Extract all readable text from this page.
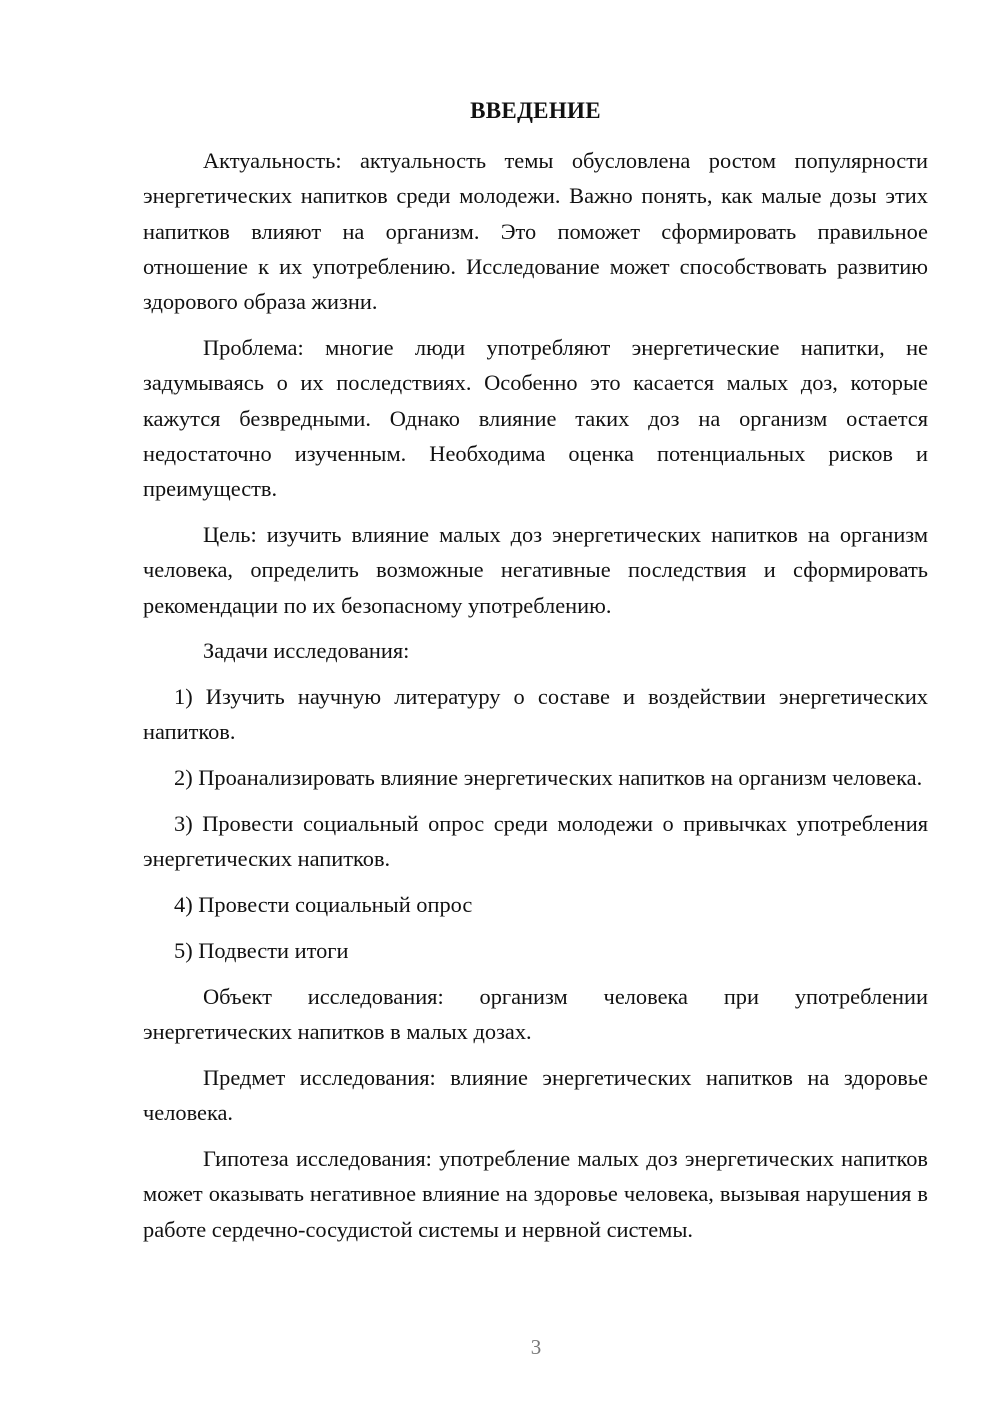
ВВЕДЕНИЕ

Актуальность: актуальность темы обусловлена ростом популярности энергетических напитков среди молодежи. Важно понять, как малые дозы этих напитков влияют на организм. Это поможет сформировать правильное отношение к их употреблению. Исследование может способствовать развитию здорового образа жизни.

Проблема: многие люди употребляют энергетические напитки, не задумываясь о их последствиях. Особенно это касается малых доз, которые кажутся безвредными. Однако влияние таких доз на организм остается недостаточно изученным. Необходима оценка потенциальных рисков и преимуществ.

Цель: изучить влияние малых доз энергетических напитков на организм человека, определить возможные негативные последствия и сформировать рекомендации по их безопасному употреблению.

Задачи исследования:

1) Изучить научную литературу о составе и воздействии энергетических напитков.

2) Проанализировать влияние энергетических напитков на организм человека.

3) Провести социальный опрос среди молодежи о привычках употребления энергетических напитков.

4) Провести социальный опрос

5) Подвести итоги

Объект исследования: организм человека при употреблении энергетических напитков в малых дозах.

Предмет исследования: влияние энергетических напитков на здоровье человека.

Гипотеза исследования: употребление малых доз энергетических напитков может оказывать негативное влияние на здоровье человека, вызывая нарушения в работе сердечно-сосудистой системы и нервной системы.

3
